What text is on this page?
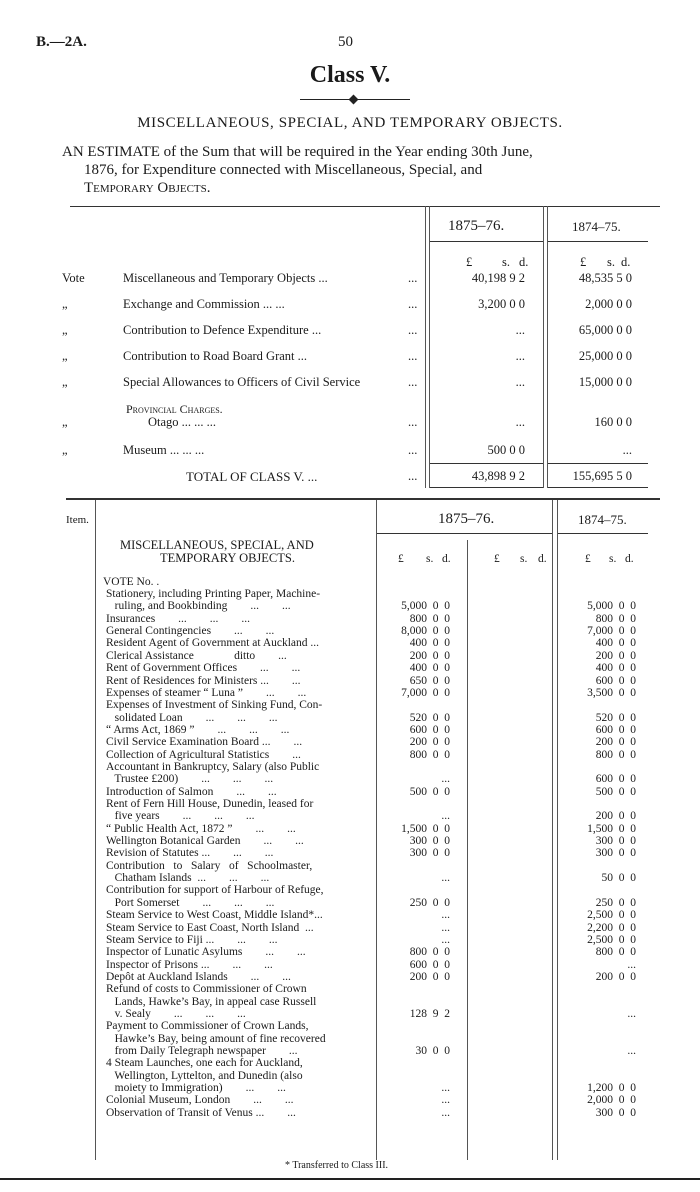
B.—2A.	50
Class V.
MISCELLANEOUS, SPECIAL, AND TEMPORARY OBJECTS.
AN ESTIMATE of the Sum that will be required in the Year ending 30th June,
1876, for Expenditure connected with Miscellaneous, Special, and
Temporary Objects.
1875–76.	1874–75.
£ s. d.	£ s. d.
Vote	Miscellaneous and Temporary Objects ...	...	40,198 9 2	48,535 5 0
„	Exchange and Commission ... ...	...	3,200 0 0	2,000 0 0
„	Contribution to Defence Expenditure ...	...	...	65,000 0 0
„	Contribution to Road Board Grant ...	...	...	25,000 0 0
„	Special Allowances to Officers of Civil Service	...	...	15,000 0 0
„	Otago ... ... ...	...	...	160 0 0
„	Museum ... ... ...	...	500 0 0	...
Provincial Charges.
TOTAL OF CLASS V. ...	...	43,898 9 2	155,695 5 0
Item.	1875–76.	1874–75.
MISCELLANEOUS, SPECIAL, AND
TEMPORARY OBJECTS.	£ s. d.	£ s. d.	£ s. d.
VOTE No. .
Stationery, including Printing Paper, Machine-
ruling, and Bookbinding        ...        ...	5,000  0  0	5,000  0  0
Insurances        ...        ...        ...	800  0  0	800  0  0
General Contingencies        ...        ...	8,000  0  0	7,000  0  0
Resident Agent of Government at Auckland ...	400  0  0	400  0  0
Clerical Assistance              ditto        ...	200  0  0	200  0  0
Rent of Government Offices        ...        ...	400  0  0	400  0  0
Rent of Residences for Ministers ...        ...	650  0  0	600  0  0
Expenses of steamer “ Luna ”        ...        ...	7,000  0  0	3,500  0  0
Expenses of Investment of Sinking Fund, Con-
solidated Loan        ...        ...        ...	520  0  0	520  0  0
“ Arms Act, 1869 ”        ...        ...        ...	600  0  0	600  0  0
Civil Service Examination Board ...        ...	200  0  0	200  0  0
Collection of Agricultural Statistics        ...	800  0  0	800  0  0
Accountant in Bankruptcy, Salary (also Public
Trustee £200)        ...        ...        ...	...	600  0  0
Introduction of Salmon        ...        ...	500  0  0	500  0  0
Rent of Fern Hill House, Dunedin, leased for
five years        ...        ...        ...	...	200  0  0
“ Public Health Act, 1872 ”        ...        ...	1,500  0  0	1,500  0  0
Wellington Botanical Garden        ...        ...	300  0  0	300  0  0
Revision of Statutes ...        ...        ...	300  0  0	300  0  0
Contribution   to   Salary   of   Schoolmaster,
Chatham Islands  ...        ...        ...	...	50  0  0
Contribution for support of Harbour of Refuge,
Port Somerset        ...        ...        ...	250  0  0	250  0  0
Steam Service to West Coast, Middle Island*...	...	2,500  0  0
Steam Service to East Coast, North Island  ...	...	2,200  0  0
Steam Service to Fiji ...        ...        ...	...	2,500  0  0
Inspector of Lunatic Asylums        ...        ...	800  0  0	800  0  0
Inspector of Prisons ...        ...        ...	600  0  0	...
Depôt at Auckland Islands        ...        ...	200  0  0	200  0  0
Refund of costs to Commissioner of Crown
Lands, Hawke’s Bay, in appeal case Russell
v. Sealy        ...        ...        ...	128  9  2	...
Payment to Commissioner of Crown Lands,
Hawke’s Bay, being amount of fine recovered
from Daily Telegraph newspaper        ...	30  0  0	...
4 Steam Launches, one each for Auckland,
Wellington, Lyttelton, and Dunedin (also
moiety to Immigration)        ...        ...	...	1,200  0  0
Colonial Museum, London        ...        ...	...	2,000  0  0
Observation of Transit of Venus ...        ...	...	300  0  0
* Transferred to Class III.
